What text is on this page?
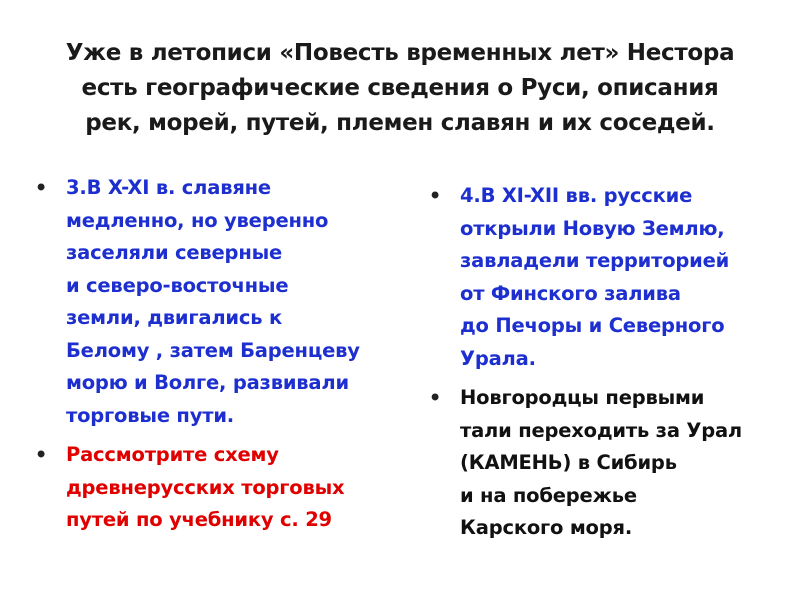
Уже в летописи «Повесть временных лет» Нестора
есть географические сведения о Руси, описания
рек, морей, путей, племен славян и их соседей.
• 3.В X-XI в. славяне
медленно, но уверенно
заселяли северные
и северо-восточные
земли, двигались к
Белому , затем Баренцеву
морю и Волге, развивали
торговые пути.
• Рассмотрите схему
древнерусских торговых
путей по учебнику с. 29
• 4.В XI-XII вв. русские
открыли Новую Землю,
завладели территорией
от Финского залива
до Печоры и Северного
Урала.
• Новгородцы первыми
тали переходить за Урал
(КАМЕНЬ) в Сибирь
и на побережье
Карского моря.
